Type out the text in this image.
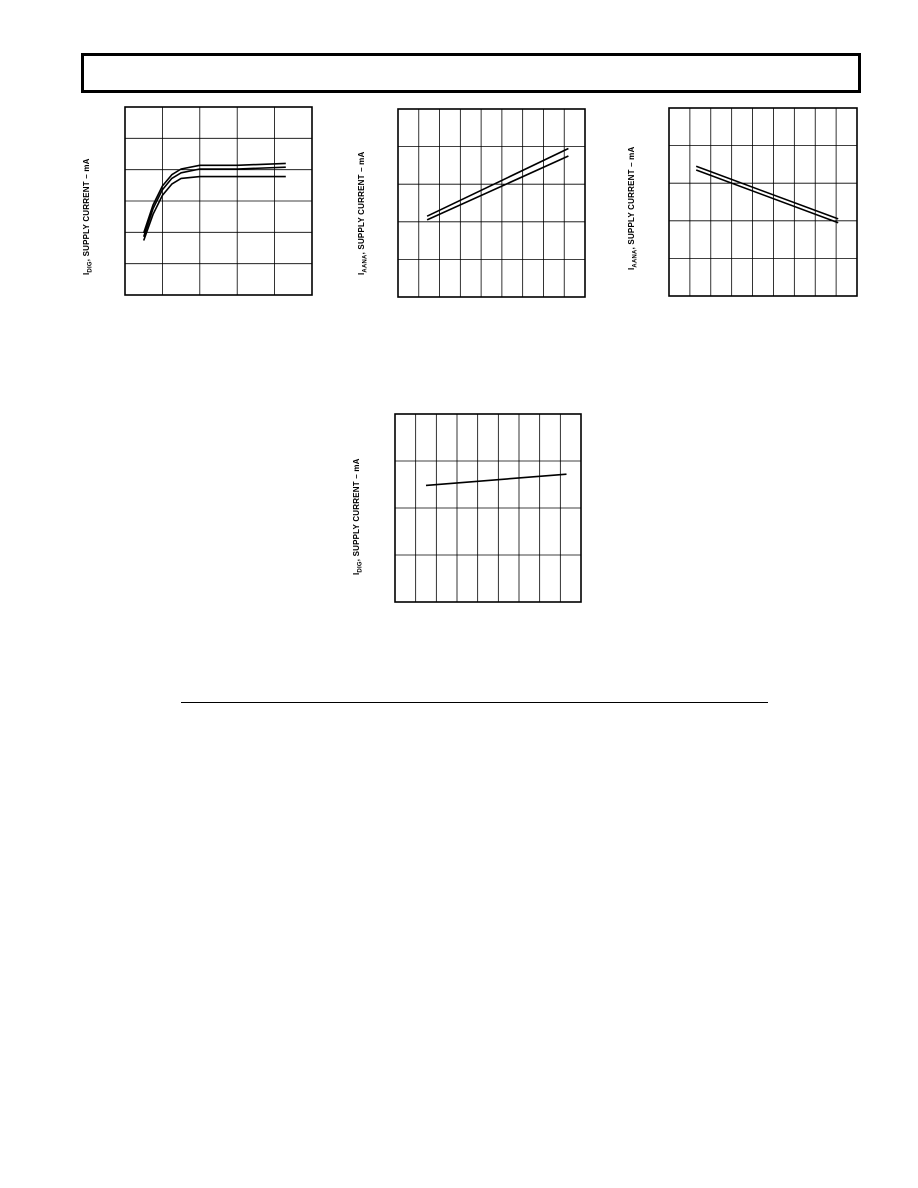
$I_{DIG}$, SUPPLY CURRENT – mA
$I_{AANA}$, SUPPLY CURRENT – mA
$I_{AANA}$, SUPPLY CURRENT – mA
$I_{DIG}$, SUPPLY CURRENT – mA
